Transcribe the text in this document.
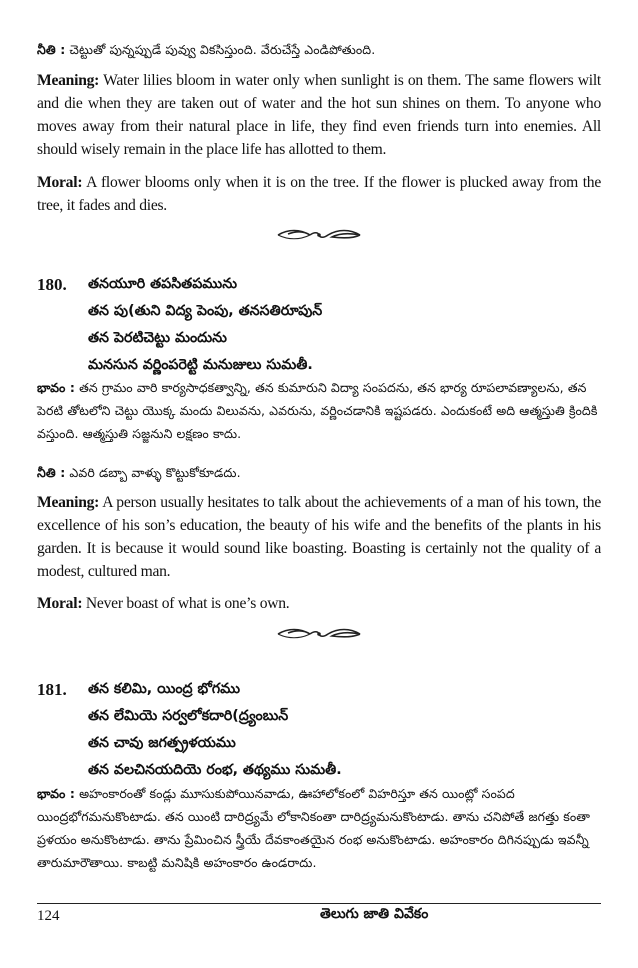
నీతి : చెట్టుతో పున్నప్పుడే పువ్వు వికసిస్తుంది. వేరుచేస్తే ఎండిపోతుంది.

Meaning: Water lilies bloom in water only when sunlight is on them. The same flowers wilt and die when they are taken out of water and the hot sun shines on them. To anyone who moves away from their natural place in life, they find even friends turn into enemies. All should wisely remain in the place life has allotted to them.

Moral: A flower blooms only when it is on the tree. If the flower is plucked away from the tree, it fades and dies.

180. తనయూరి తపసితపమును
తన పు(తుని విద్య పెంపు, తనసతిరూపున్
తన పెరటిచెట్టు మందును
మనసున వర్ణింపరెట్టి మనుజులు సుమతీ.

భావం : తన గ్రామం వారి కార్యసాధకత్వాన్ని, తన కుమారుని విద్యా సంపదను, తన భార్య రూపలావణ్యాలను, తన పెరటి తోటలోని చెట్టు యొక్క మందు విలువను, ఎవరును, వర్ణించడానికి ఇష్టపడరు. ఎందుకంటే అది ఆత్మస్తుతి క్రిందికి వస్తుంది. ఆత్మస్తుతి సజ్జనుని లక్షణం కాదు.

నీతి : ఎవరి డబ్బా వాళ్ళు కొట్టుకోకూడదు.

Meaning: A person usually hesitates to talk about the achievements of a man of his town, the excellence of his son’s education, the beauty of his wife and the benefits of the plants in his garden. It is because it would sound like boasting. Boasting is certainly not the quality of a modest, cultured man.

Moral: Never boast of what is one’s own.

181. తన కలిమి, యింద్ర భోగము
తన లేమియె సర్వలోకదారి(ద్ర్యంబున్
తన చావు జగత్ప్రళయము
తన వలచినయదియె రంభ, తథ్యము సుమతీ.

భావం : అహంకారంతో కండ్లు మూసుకుపోయినవాడు, ఊహాలోకంలో విహరిస్తూ తన యింట్లో సంపద యింద్రభోగమనుకొంటాడు. తన యింటి దారిద్ర్యమే లోకానికంతా దారిద్ర్యమనుకొంటాడు. తాను చనిపోతే జగత్తు కంతా ప్రళయం అనుకొంటాడు. తాను ప్రేమించిన స్త్రీయే దేవకాంతయైన రంభ అనుకొంటాడు. అహంకారం దిగినప్పుడు ఇవన్నీ తారుమారౌతాయి. కాబట్టి మనిషికి అహంకారం ఉండరాదు.

124	తెలుగు జాతి వివేకం
